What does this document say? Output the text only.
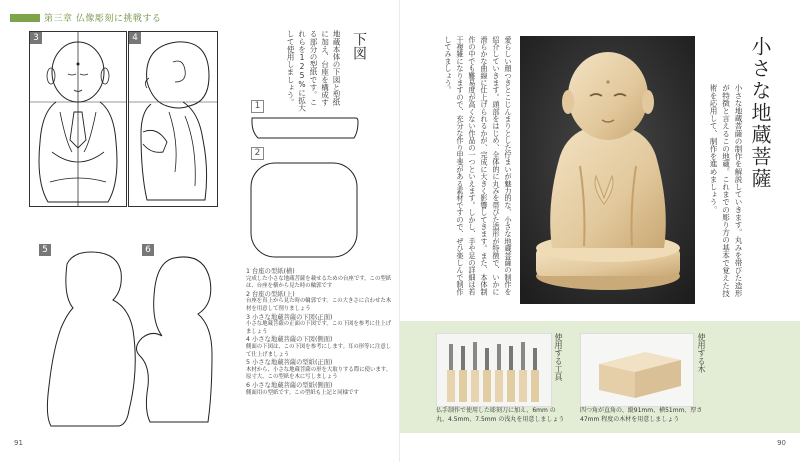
第三章 仏像彫刻に挑戦する
3	4
5	6
下図
地蔵本体の下図と型紙に加え、台座を構成する部分の型紙です。これらを125%に拡大して使用しましょう。
1
2
1 台座の型紙(横)
完成した小さな地蔵菩薩を載せるための台座です。この型紙は、台座を横から見た時の輪郭です
2 台座の型紙(上)
台座を真上から見た時の輪郭です。この大きさに合わせた木材を用意して削りましょう
3 小さな地蔵菩薩の下図(正面)
小さな地蔵菩薩の正面の下図です。この下図を参考に仕上げましょう
4 小さな地蔵菩薩の下図(側面)
側面の下図は、この下図を参考にします。耳の形等に注意して仕上げましょう
5 小さな地蔵菩薩の型紙(正面)
木材から、小さな地蔵菩薩の形を大取りする際に使います。原寸大、この型紙を木に写しましょう
6 小さな地蔵菩薩の型紙(側面)
側面用の型紙です。この型紙も上記と同様です
91
小さな地蔵菩薩
小さな地蔵菩薩の制作を解説していきます。丸みを帯びた造形が特徴と言えるこの地蔵。これまでの彫り方の基本で覚えた技術を応用して、制作を進めましょう。
愛らしい顔つきとこじんまりとした佇まいが魅力的な、小さな地蔵菩薩の制作を紹介していきます。頭部をはじめ、全体的に丸みを帯びた造形が特徴で、いかに滑らかな曲線に仕上げられるかが、完成に大きく影響してきます。また、本体制作の中でも難易度が高くない作品の一つといえます。しかし、手や足の詳細は若干複雑になりますので、充分な作り甲斐がある素材ですので、ぜひ楽しんで制作してみましょう。
90
使用する工具
仏手制作で使用した彫刻刀に加え、6mm の丸、4.5mm、7.5mm の浅丸を用意しましょう
使用する木
四つ角が直角の、縦91mm、横51mm、厚さ47mm 程度の木材を用意しましょう
